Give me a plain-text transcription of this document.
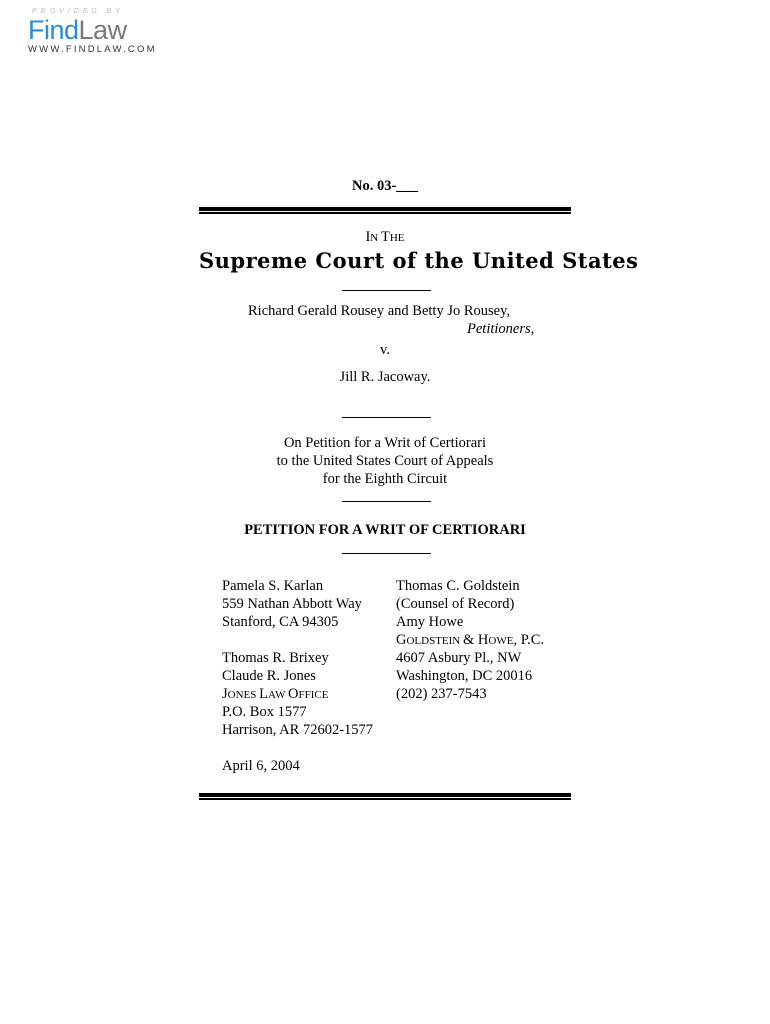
PROVIDED BY
FindLaw
WWW.FINDLAW.COM
No. 03-___
IN THE
Supreme Court of the United States
Richard Gerald Rousey and Betty Jo Rousey,
Petitioners,
v.
Jill R. Jacoway.
On Petition for a Writ of Certiorari
to the United States Court of Appeals
for the Eighth Circuit
PETITION FOR A WRIT OF CERTIORARI
Pamela S. Karlan
559 Nathan Abbott Way
Stanford, CA 94305
Thomas R. Brixey
Claude R. Jones
JONES LAW OFFICE
P.O. Box 1577
Harrison, AR 72602-1577
Thomas C. Goldstein
(Counsel of Record)
Amy Howe
GOLDSTEIN & HOWE, P.C.
4607 Asbury Pl., NW
Washington, DC 20016
(202) 237-7543
April 6, 2004
